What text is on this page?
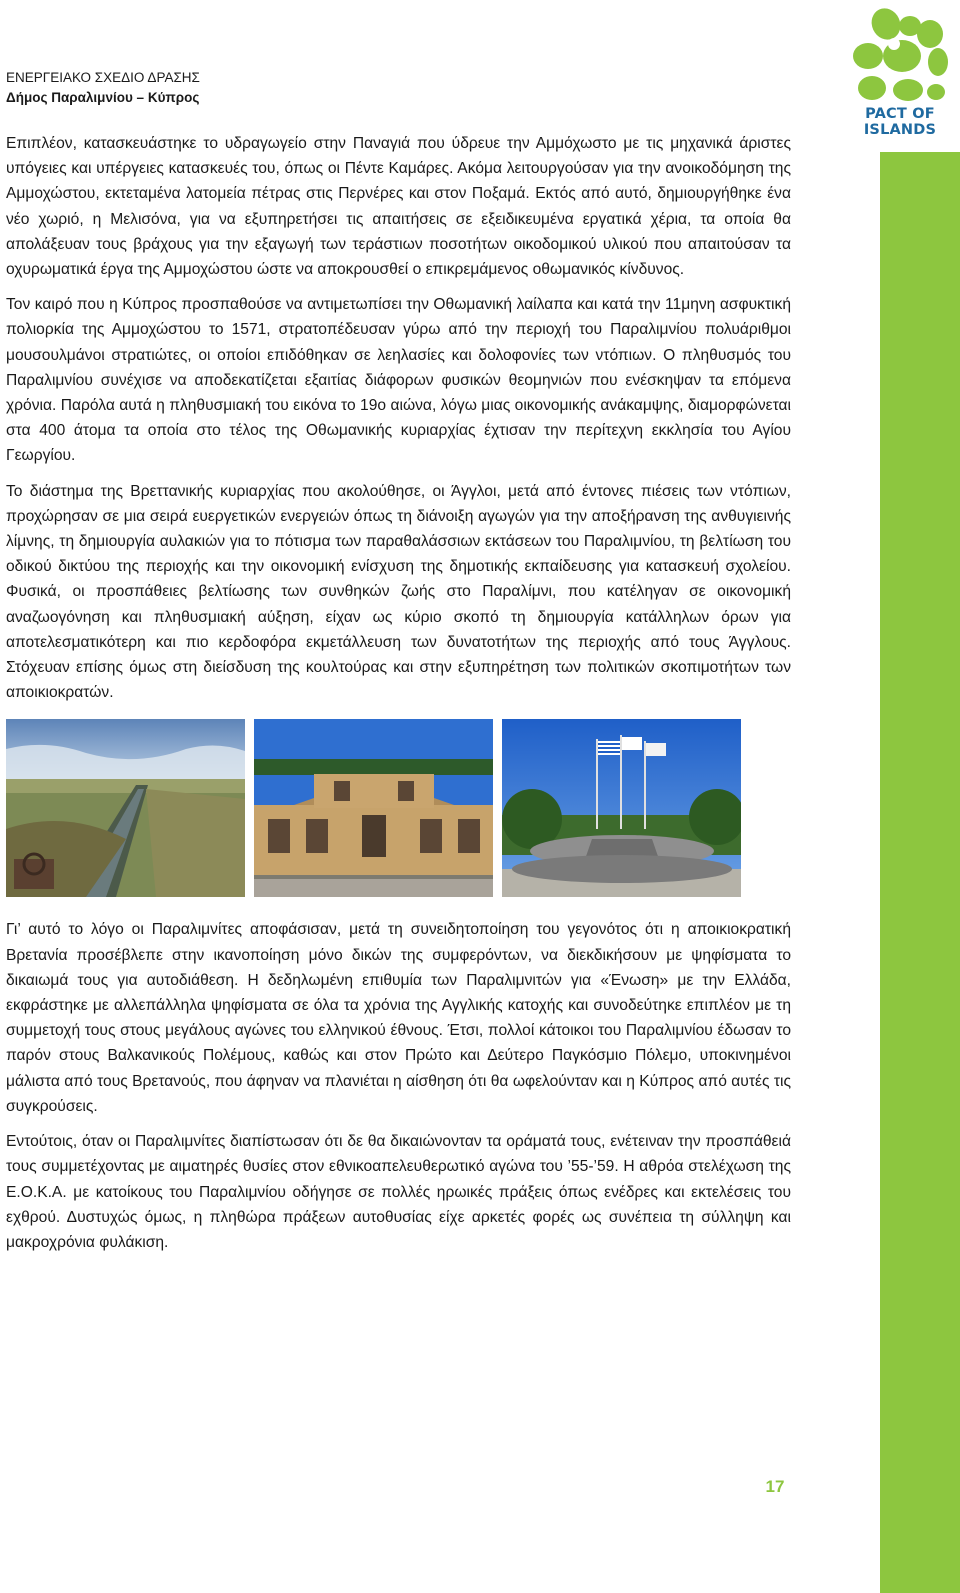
PACT OF
ISLANDS
ΕΝΕΡΓΕΙΑΚΟ ΣΧΕΔΙΟ ΔΡΑΣΗΣ
Δήμος Παραλιμνίου – Κύπρος

Επιπλέον, κατασκευάστηκε το υδραγωγείο στην Παναγιά που ύδρευε την Αμμόχωστο με τις μηχανικά άριστες υπόγειες και υπέργειες κατασκευές του, όπως οι Πέντε Καμάρες. Ακόμα λειτουργούσαν για την ανοικοδόμηση της Αμμοχώστου, εκτεταμένα λατομεία πέτρας στις Περνέρες και στον Ποξαμά. Εκτός από αυτό, δημιουργήθηκε ένα νέο χωριό, η Μελισόνα, για να εξυπηρετήσει τις απαιτήσεις σε εξειδικευμένα εργατικά χέρια, τα οποία θα απολάξευαν τους βράχους για την εξαγωγή των τεράστιων ποσοτήτων οικοδομικού υλικού που απαιτούσαν τα οχυρωματικά έργα της Αμμοχώστου ώστε να αποκρουσθεί ο επικρεμάμενος οθωμανικός κίνδυνος.

Τον καιρό που η Κύπρος προσπαθούσε να αντιμετωπίσει την Οθωμανική λαίλαπα και κατά την 11μηνη ασφυκτική πολιορκία της Αμμοχώστου το 1571, στρατοπέδευσαν γύρω από την περιοχή του Παραλιμνίου πολυάριθμοι μουσουλμάνοι στρατιώτες, οι οποίοι επιδόθηκαν σε λεηλασίες και δολοφονίες των ντόπιων. Ο πληθυσμός του Παραλιμνίου συνέχισε να αποδεκατίζεται εξαιτίας διάφορων φυσικών θεομηνιών που ενέσκηψαν τα επόμενα χρόνια. Παρόλα αυτά η πληθυσμιακή του εικόνα το 19ο αιώνα, λόγω μιας οικονομικής ανάκαμψης, διαμορφώνεται στα 400 άτομα τα οποία στο τέλος της Οθωμανικής κυριαρχίας έχτισαν την περίτεχνη εκκλησία του Αγίου Γεωργίου.

Το διάστημα της Βρεττανικής κυριαρχίας που ακολούθησε, οι Άγγλοι, μετά από έντονες πιέσεις των ντόπιων, προχώρησαν σε μια σειρά ευεργετικών ενεργειών όπως τη διάνοιξη αγωγών για την αποξήρανση της ανθυγιεινής λίμνης, τη δημιουργία αυλακιών για το πότισμα των παραθαλάσσιων εκτάσεων του Παραλιμνίου, τη βελτίωση του οδικού δικτύου της περιοχής και την οικονομική ενίσχυση της δημοτικής εκπαίδευσης για κατασκευή σχολείου. Φυσικά, οι προσπάθειες βελτίωσης των συνθηκών ζωής στο Παραλίμνι, που κατέληγαν σε οικονομική αναζωογόνηση και πληθυσμιακή αύξηση, είχαν ως κύριο σκοπό τη δημιουργία κατάλληλων όρων για αποτελεσματικότερη και πιο κερδοφόρα εκμετάλλευση των δυνατοτήτων της περιοχής από τους Άγγλους. Στόχευαν επίσης όμως στη διείσδυση της κουλτούρας και στην εξυπηρέτηση των πολιτικών σκοπιμοτήτων των αποικιοκρατών.

Γι’ αυτό το λόγο οι Παραλιμνίτες αποφάσισαν, μετά τη συνειδητοποίηση του γεγονότος ότι η αποικιοκρατική Βρετανία προσέβλεπε στην ικανοποίηση μόνο δικών της συμφερόντων, να διεκδικήσουν με ψηφίσματα το δικαιωμά τους για αυτοδιάθεση. Η δεδηλωμένη επιθυμία των Παραλιμνιτών για «Ένωση» με την Ελλάδα, εκφράστηκε με αλλεπάλληλα ψηφίσματα σε όλα τα χρόνια της Αγγλικής κατοχής και συνοδεύτηκε επιπλέον με τη συμμετοχή τους στους μεγάλους αγώνες του ελληνικού έθνους. Έτσι, πολλοί κάτοικοι του Παραλιμνίου έδωσαν το παρόν στους Βαλκανικούς Πολέμους, καθώς και στον Πρώτο και Δεύτερο Παγκόσμιο Πόλεμο, υποκινημένοι μάλιστα από τους Βρετανούς, που άφηναν να πλανιέται η αίσθηση ότι θα ωφελούνταν και η Κύπρος από αυτές τις συγκρούσεις.

Εντούτοις, όταν οι Παραλιμνίτες διαπίστωσαν ότι δε θα δικαιώνονταν τα οράματά τους, ενέτειναν την προσπάθειά τους συμμετέχοντας με αιματηρές θυσίες στον εθνικοαπελευθερωτικό αγώνα του ’55-’59. Η αθρόα στελέχωση της Ε.Ο.Κ.Α. με κατοίκους του Παραλιμνίου οδήγησε σε πολλές ηρωικές πράξεις όπως ενέδρες και εκτελέσεις του εχθρού. Δυστυχώς όμως, η πληθώρα πράξεων αυτοθυσίας είχε αρκετές φορές ως συνέπεια τη σύλληψη και μακροχρόνια φυλάκιση.

17
